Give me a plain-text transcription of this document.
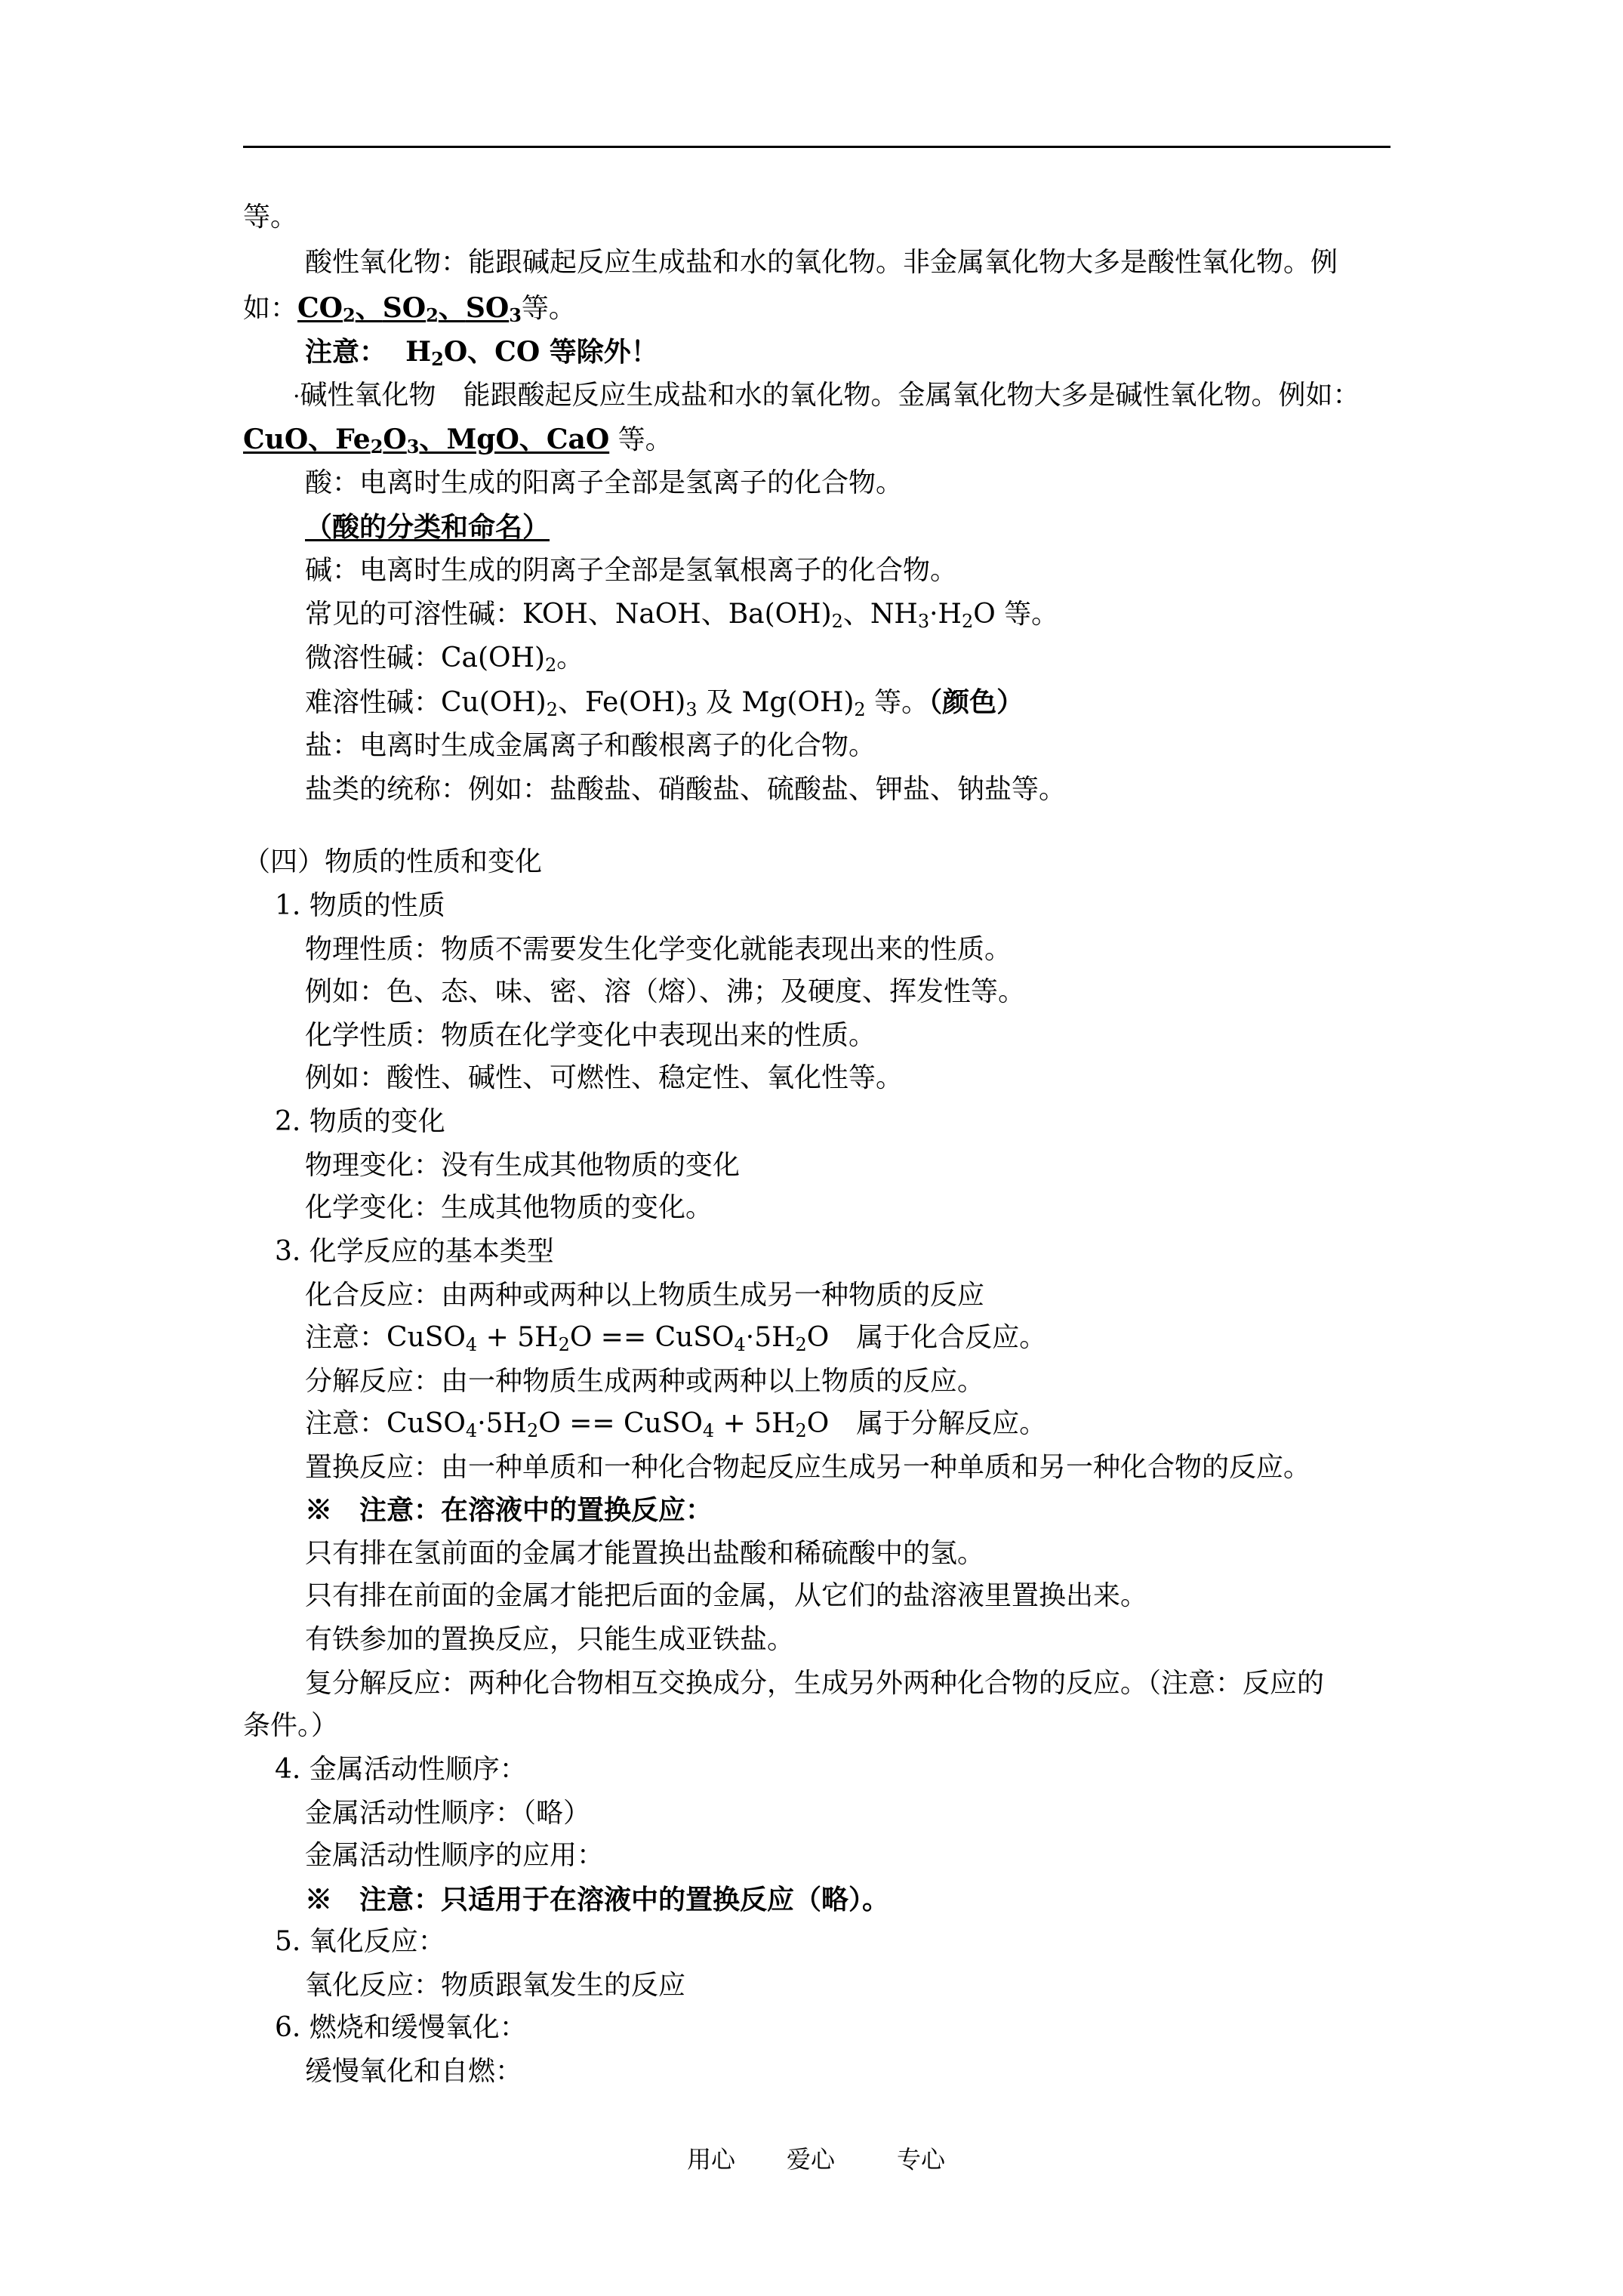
等。
酸性氧化物：能跟碱起反应生成盐和水的氧化物。非金属氧化物大多是酸性氧化物。例
如：$CO_2$、$SO_2$、$SO_3$等。
注意： $H_2O$、CO 等除外！
·碱性氧化物　能跟酸起反应生成盐和水的氧化物。金属氧化物大多是碱性氧化物。例如：
CuO、$Fe_2O_3$、MgO、CaO 等。
酸：电离时生成的阳离子全部是氢离子的化合物。
（酸的分类和命名）
碱：电离时生成的阴离子全部是氢氧根离子的化合物。
常见的可溶性碱：KOH、NaOH、$Ba(OH)_2$、$NH_3\cdot H_2O$ 等。
微溶性碱：$Ca(OH)_2$。
难溶性碱：$Cu(OH)_2$、$Fe(OH)_3$ 及 $Mg(OH)_2$ 等。（颜色）
盐：电离时生成金属离子和酸根离子的化合物。
盐类的统称：例如：盐酸盐、硝酸盐、硫酸盐、钾盐、钠盐等。
（四）物质的性质和变化
1. 物质的性质
物理性质：物质不需要发生化学变化就能表现出来的性质。
例如：色、态、味、密、溶（熔）、沸；及硬度、挥发性等。
化学性质：物质在化学变化中表现出来的性质。
例如：酸性、碱性、可燃性、稳定性、氧化性等。
2. 物质的变化
物理变化：没有生成其他物质的变化
化学变化：生成其他物质的变化。
3. 化学反应的基本类型
化合反应：由两种或两种以上物质生成另一种物质的反应
注意：CuSO$_4$ + $5H_2O$ == $CuSO_4\cdot 5H_2O$　属于化合反应。
分解反应：由一种物质生成两种或两种以上物质的反应。
注意：$CuSO_4\cdot 5H_2O$ == CuSO$_4$ + $5H_2O$　属于分解反应。
置换反应：由一种单质和一种化合物起反应生成另一种单质和另一种化合物的反应。
※　注意：在溶液中的置换反应：
只有排在氢前面的金属才能置换出盐酸和稀硫酸中的氢。
只有排在前面的金属才能把后面的金属，从它们的盐溶液里置换出来。
有铁参加的置换反应，只能生成亚铁盐。
复分解反应：两种化合物相互交换成分，生成另外两种化合物的反应。（注意：反应的
条件。）
4. 金属活动性顺序：
金属活动性顺序：（略）
金属活动性顺序的应用：
※　注意：只适用于在溶液中的置换反应（略）。
5. 氧化反应：
氧化反应：物质跟氧发生的反应
6. 燃烧和缓慢氧化：
缓慢氧化和自燃：
用心 爱心	专心
